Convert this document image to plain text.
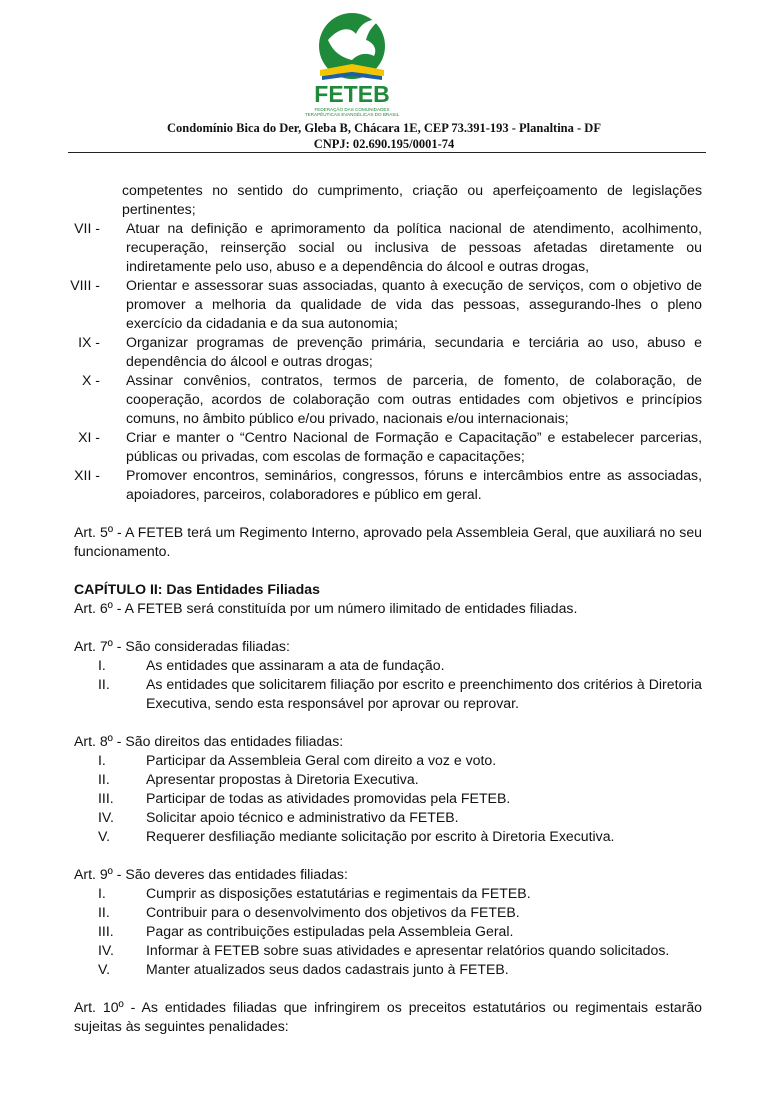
FETEB
FEDERAÇÃO DAS COMUNIDADES
TERAPÊUTICAS EVANGÉLICAS DO BRASIL
Condomínio Bica do Der, Gleba B, Chácara 1E, CEP 73.391-193 - Planaltina - DF
CNPJ: 02.690.195/0001-74
competentes no sentido do cumprimento, criação ou aperfeiçoamento de legislações pertinentes;
VII - Atuar na definição e aprimoramento da política nacional de atendimento, acolhimento, recuperação, reinserção social ou inclusiva de pessoas afetadas diretamente ou indiretamente pelo uso, abuso e a dependência do álcool e outras drogas,
VIII - Orientar e assessorar suas associadas, quanto à execução de serviços, com o objetivo de promover a melhoria da qualidade de vida das pessoas, assegurando-lhes o pleno exercício da cidadania e da sua autonomia;
IX - Organizar programas de prevenção primária, secundaria e terciária ao uso, abuso e dependência do álcool e outras drogas;
X - Assinar convênios, contratos, termos de parceria, de fomento, de colaboração, de cooperação, acordos de colaboração com outras entidades com objetivos e princípios comuns, no âmbito público e/ou privado, nacionais e/ou internacionais;
XI - Criar e manter o “Centro Nacional de Formação e Capacitação” e estabelecer parcerias, públicas ou privadas, com escolas de formação e capacitações;
XII - Promover encontros, seminários, congressos, fóruns e intercâmbios entre as associadas, apoiadores, parceiros, colaboradores e público em geral.
Art. 5º - A FETEB terá um Regimento Interno, aprovado pela Assembleia Geral, que auxiliará no seu funcionamento.
CAPÍTULO II: Das Entidades Filiadas
Art. 6º - A FETEB será constituída por um número ilimitado de entidades filiadas.
Art. 7º - São consideradas filiadas:
I.	As entidades que assinaram a ata de fundação.
II.	As entidades que solicitarem filiação por escrito e preenchimento dos critérios à Diretoria Executiva, sendo esta responsável por aprovar ou reprovar.
Art. 8º - São direitos das entidades filiadas:
I.	Participar da Assembleia Geral com direito a voz e voto.
II.	Apresentar propostas à Diretoria Executiva.
III.	Participar de todas as atividades promovidas pela FETEB.
IV.	Solicitar apoio técnico e administrativo da FETEB.
V.	Requerer desfiliação mediante solicitação por escrito à Diretoria Executiva.
Art. 9º - São deveres das entidades filiadas:
I.	Cumprir as disposições estatutárias e regimentais da FETEB.
II.	Contribuir para o desenvolvimento dos objetivos da FETEB.
III.	Pagar as contribuições estipuladas pela Assembleia Geral.
IV.	Informar à FETEB sobre suas atividades e apresentar relatórios quando solicitados.
V.	Manter atualizados seus dados cadastrais junto à FETEB.
Art. 10º - As entidades filiadas que infringirem os preceitos estatutários ou regimentais estarão sujeitas às seguintes penalidades:
